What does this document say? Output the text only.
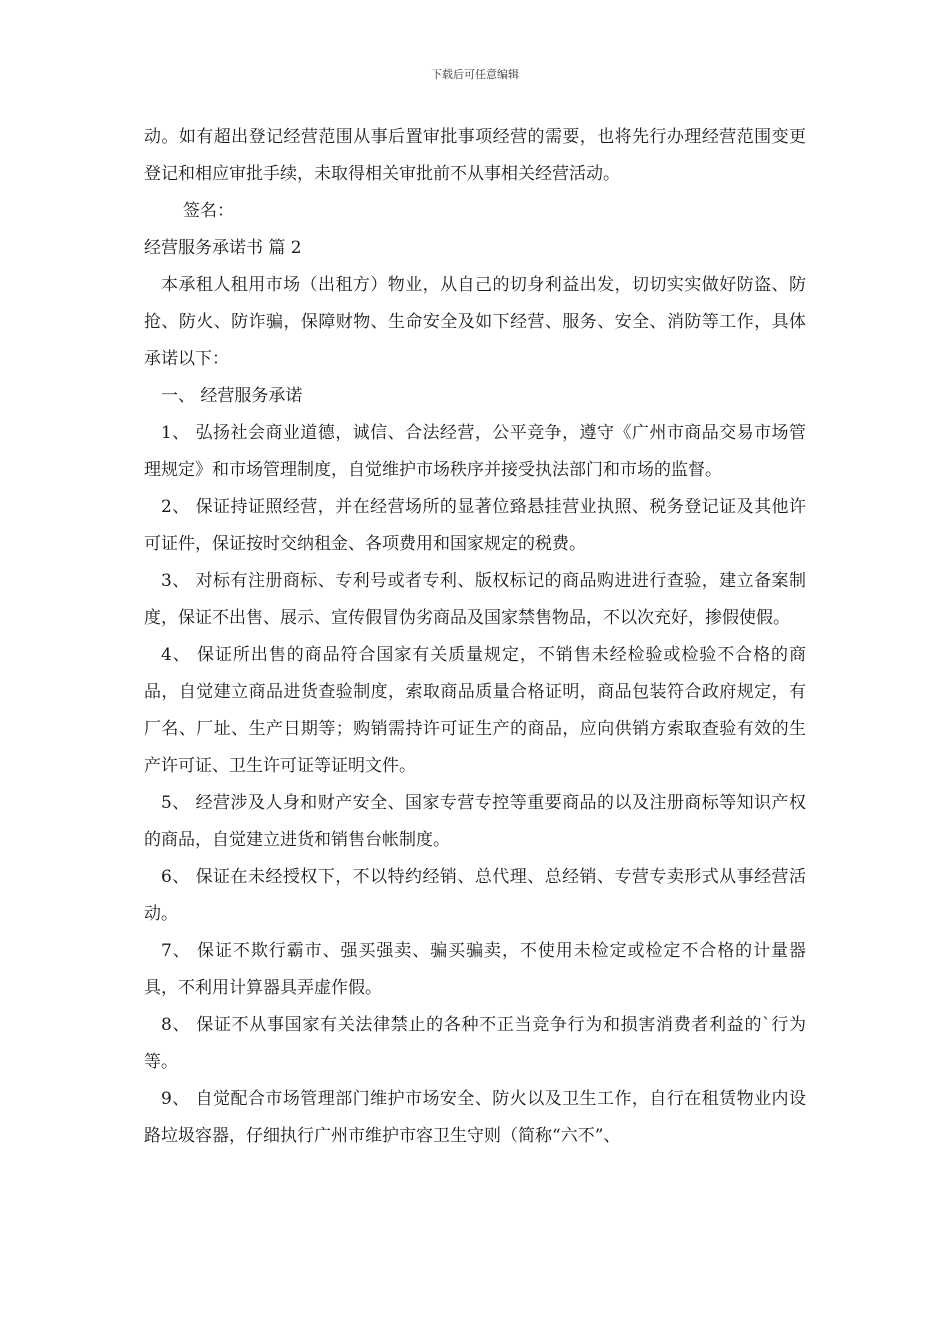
下载后可任意编辑

动。如有超出登记经营范围从事后置审批事项经营的需要，也将先行办理经营范围变更登记和相应审批手续，未取得相关审批前不从事相关经营活动。

签名：

经营服务承诺书 篇 2

本承租人租用市场（出租方）物业，从自己的切身利益出发，切切实实做好防盗、防抢、防火、防诈骗，保障财物、生命安全及如下经营、服务、安全、消防等工作，具体承诺以下：

一、 经营服务承诺

1、 弘扬社会商业道德，诚信、合法经营，公平竞争，遵守《广州市商品交易市场管理规定》和市场管理制度，自觉维护市场秩序并接受执法部门和市场的监督。

2、 保证持证照经营，并在经营场所的显著位臵悬挂营业执照、税务登记证及其他许可证件，保证按时交纳租金、各项费用和国家规定的税费。

3、 对标有注册商标、专利号或者专利、版权标记的商品购进进行查验，建立备案制度，保证不出售、展示、宣传假冒伪劣商品及国家禁售物品，不以次充好，掺假使假。

4、 保证所出售的商品符合国家有关质量规定，不销售未经检验或检验不合格的商品，自觉建立商品进货查验制度，索取商品质量合格证明，商品包装符合政府规定，有厂名、厂址、生产日期等；购销需持许可证生产的商品，应向供销方索取查验有效的生产许可证、卫生许可证等证明文件。

5、 经营涉及人身和财产安全、国家专营专控等重要商品的以及注册商标等知识产权的商品，自觉建立进货和销售台帐制度。

6、 保证在未经授权下，不以特约经销、总代理、总经销、专营专卖形式从事经营活动。

7、 保证不欺行霸市、强买强卖、骗买骗卖，不使用未检定或检定不合格的计量器具，不利用计算器具弄虚作假。

8、 保证不从事国家有关法律禁止的各种不正当竞争行为和损害消费者利益的`行为等。

9、 自觉配合市场管理部门维护市场安全、防火以及卫生工作，自行在租赁物业内设路垃圾容器，仔细执行广州市维护市容卫生守则（简称“六不”、
